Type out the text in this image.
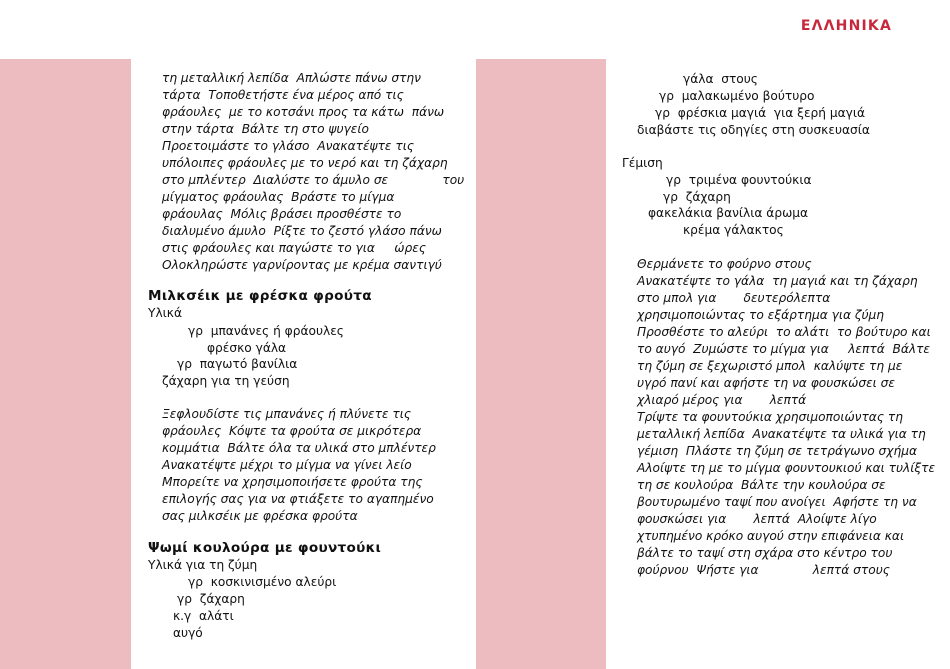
ΕΛΛΗΝΙΚΑ
τη μεταλλική λεπίδα  Απλώστε πάνω στην
τάρτα  Τοποθετήστε ένα μέρος από τις
φράουλες  με το κοτσάνι προς τα κάτω  πάνω
στην τάρτα  Βάλτε τη στο ψυγείο
Προετοιμάστε το γλάσο  Ανακατέψτε τις
υπόλοιπες φράουλες με το νερό και τη ζάχαρη
στο μπλέντερ  Διαλύστε το άμυλο σε              του
μίγματος φράουλας  Βράστε το μίγμα
φράουλας  Μόλις βράσει προσθέστε το
διαλυμένο άμυλο  Ρίξτε το ζεστό γλάσο πάνω
στις φράουλες και παγώστε το για     ώρες
Ολοκληρώστε γαρνίροντας με κρέμα σαντιγύ
Μιλκσέικ με φρέσκα φρούτα
Υλικά
γρ  μπανάνες ή φράουλες
φρέσκο γάλα
γρ  παγωτό βανίλια
ζάχαρη για τη γεύση
Ξεφλουδίστε τις μπανάνες ή πλύνετε τις
φράουλες  Κόψτε τα φρούτα σε μικρότερα
κομμάτια  Βάλτε όλα τα υλικά στο μπλέντερ
Ανακατέψτε μέχρι το μίγμα να γίνει λείο
Μπορείτε να χρησιμοποιήσετε φρούτα της
επιλογής σας για να φτιάξετε το αγαπημένο
σας μιλκσέικ με φρέσκα φρούτα
Ψωμί κουλούρα με φουντούκι
Υλικά για τη ζύμη
γρ  κοσκινισμένο αλεύρι
γρ  ζάχαρη
κ.γ  αλάτι
αυγό
γάλα  στους
γρ  μαλακωμένο βούτυρο
γρ  φρέσκια μαγιά  για ξερή μαγιά
διαβάστε τις οδηγίες στη συσκευασία
Γέμιση
γρ  τριμένα φουντούκια
γρ  ζάχαρη
φακελάκια βανίλια άρωμα
κρέμα γάλακτος
Θερμάνετε το φούρνο στους
Ανακατέψτε το γάλα  τη μαγιά και τη ζάχαρη
στο μπολ για       δευτερόλεπτα
χρησιμοποιώντας το εξάρτημα για ζύμη
Προσθέστε το αλεύρι  το αλάτι  το βούτυρο και
το αυγό  Ζυμώστε το μίγμα για     λεπτά  Βάλτε
τη ζύμη σε ξεχωριστό μπολ  καλύψτε τη με
υγρό πανί και αφήστε τη να φουσκώσει σε
χλιαρό μέρος για       λεπτά
Τρίψτε τα φουντούκια χρησιμοποιώντας τη
μεταλλική λεπίδα  Ανακατέψτε τα υλικά για τη
γέμιση  Πλάστε τη ζύμη σε τετράγωνο σχήμα
Αλοίψτε τη με το μίγμα φουντουκιού και τυλίξτε
τη σε κουλούρα  Βάλτε την κουλούρα σε
βουτυρωμένο ταψί που ανοίγει  Αφήστε τη να
φουσκώσει για       λεπτά  Αλοίψτε λίγο
χτυπημένο κρόκο αυγού στην επιφάνεια και
βάλτε το ταψί στη σχάρα στο κέντρο του
φούρνου  Ψήστε για              λεπτά στους
